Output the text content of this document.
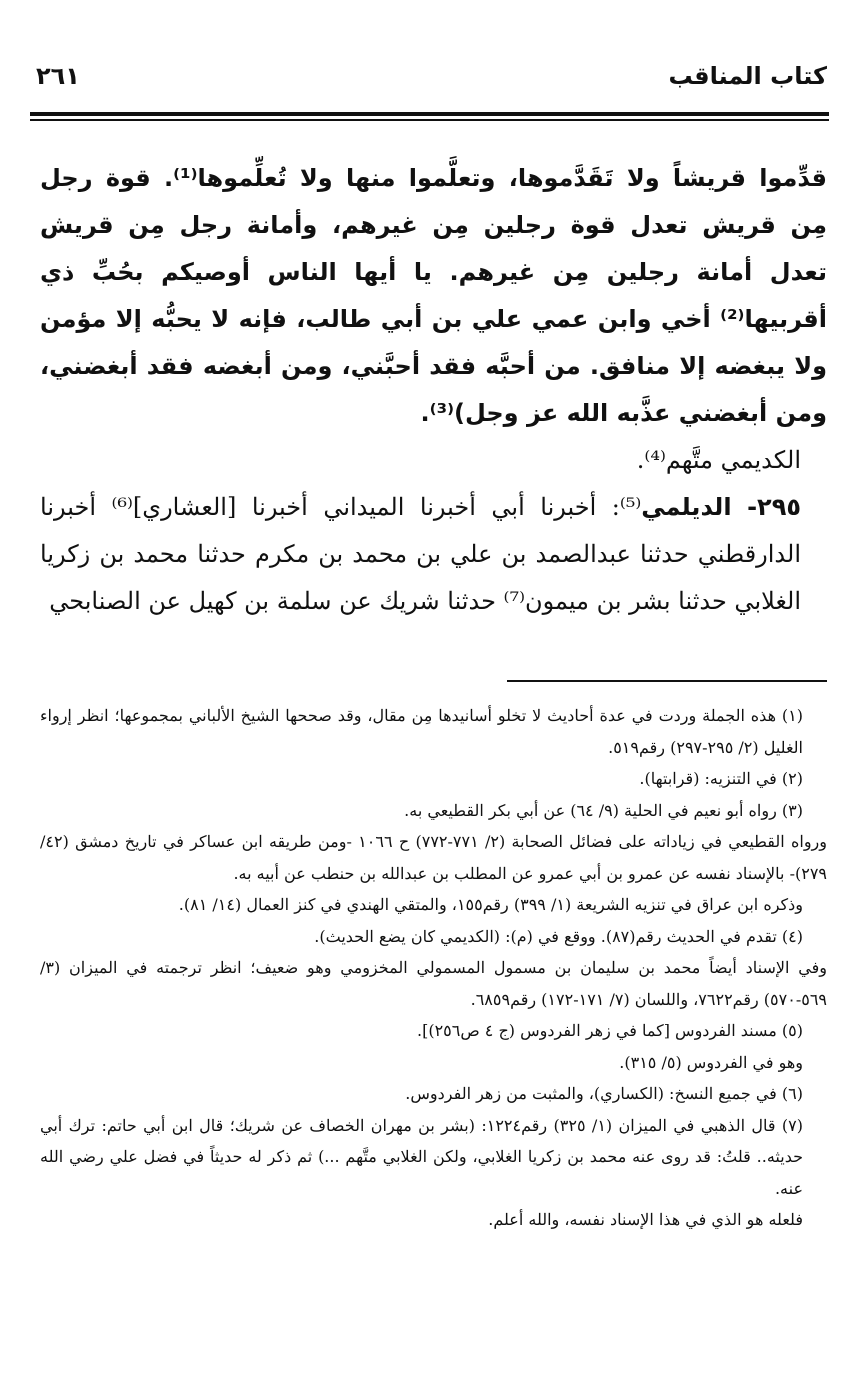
كتاب المناقب
٢٦١

قدِّموا قريشاً ولا تَقَدَّموها، وتعلَّموا منها ولا تُعلِّموها⁽¹⁾. قوة رجل مِن قريش تعدل قوة رجلين مِن غيرهم، وأمانة رجل مِن قريش تعدل أمانة رجلين مِن غيرهم. يا أيها الناس أوصيكم بحُبِّ ذي أقربيها⁽²⁾ أخي وابن عمي علي بن أبي طالب، فإنه لا يحبُّه إلا مؤمن ولا يبغضه إلا منافق. من أحبَّه فقد أحبَّني، ومن أبغضه فقد أبغضني، ومن أبغضني عذَّبه الله عز وجل)⁽³⁾.

الكديمي متَّهم⁽⁴⁾.

٢٩٥- الديلمي⁽⁵⁾: أخبرنا أبي أخبرنا الميداني أخبرنا [العشاري]⁽⁶⁾ أخبرنا الدارقطني حدثنا عبدالصمد بن علي بن محمد بن مكرم حدثنا محمد بن زكريا الغلابي حدثنا بشر بن ميمون⁽⁷⁾ حدثنا شريك عن سلمة بن كهيل عن الصنابحي

(١) هذه الجملة وردت في عدة أحاديث لا تخلو أسانيدها مِن مقال، وقد صححها الشيخ الألباني بمجموعها؛ انظر إرواء الغليل (٢/ ٢٩٥-٢٩٧) رقم٥١٩.

(٢) في التنزيه: (قرابتها).

(٣) رواه أبو نعيم في الحلية (٩/ ٦٤) عن أبي بكر القطيعي به.

ورواه القطيعي في زياداته على فضائل الصحابة (٢/ ٧٧١-٧٧٢) ح ١٠٦٦ -ومن طريقه ابن عساكر في تاريخ دمشق (٤٢/ ٢٧٩)- بالإسناد نفسه عن عمرو بن أبي عمرو عن المطلب بن عبدالله بن حنطب عن أبيه به.

وذكره ابن عراق في تنزيه الشريعة (١/ ٣٩٩) رقم١٥٥، والمتقي الهندي في كنز العمال (١٤/ ٨١).

(٤) تقدم في الحديث رقم(٨٧). ووقع في (م): (الكديمي كان يضع الحديث).

وفي الإسناد أيضاً محمد بن سليمان بن مسمول المسمولي المخزومي وهو ضعيف؛ انظر ترجمته في الميزان (٣/ ٥٦٩-٥٧٠) رقم٧٦٢٢، واللسان (٧/ ١٧١-١٧٢) رقم٦٨٥٩.

(٥) مسند الفردوس [كما في زهر الفردوس (ج ٤ ص٢٥٦)].

وهو في الفردوس (٥/ ٣١٥).

(٦) في جميع النسخ: (الكساري)، والمثبت من زهر الفردوس.

(٧) قال الذهبي في الميزان (١/ ٣٢٥) رقم١٢٢٤: (بشر بن مهران الخصاف عن شريك؛ قال ابن أبي حاتم: ترك أبي حديثه.. قلتُ: قد روى عنه محمد بن زكريا الغلابي، ولكن الغلابي متَّهم ...) ثم ذكر له حديثاً في فضل علي رضي الله عنه.

فلعله هو الذي في هذا الإسناد نفسه، والله أعلم.
